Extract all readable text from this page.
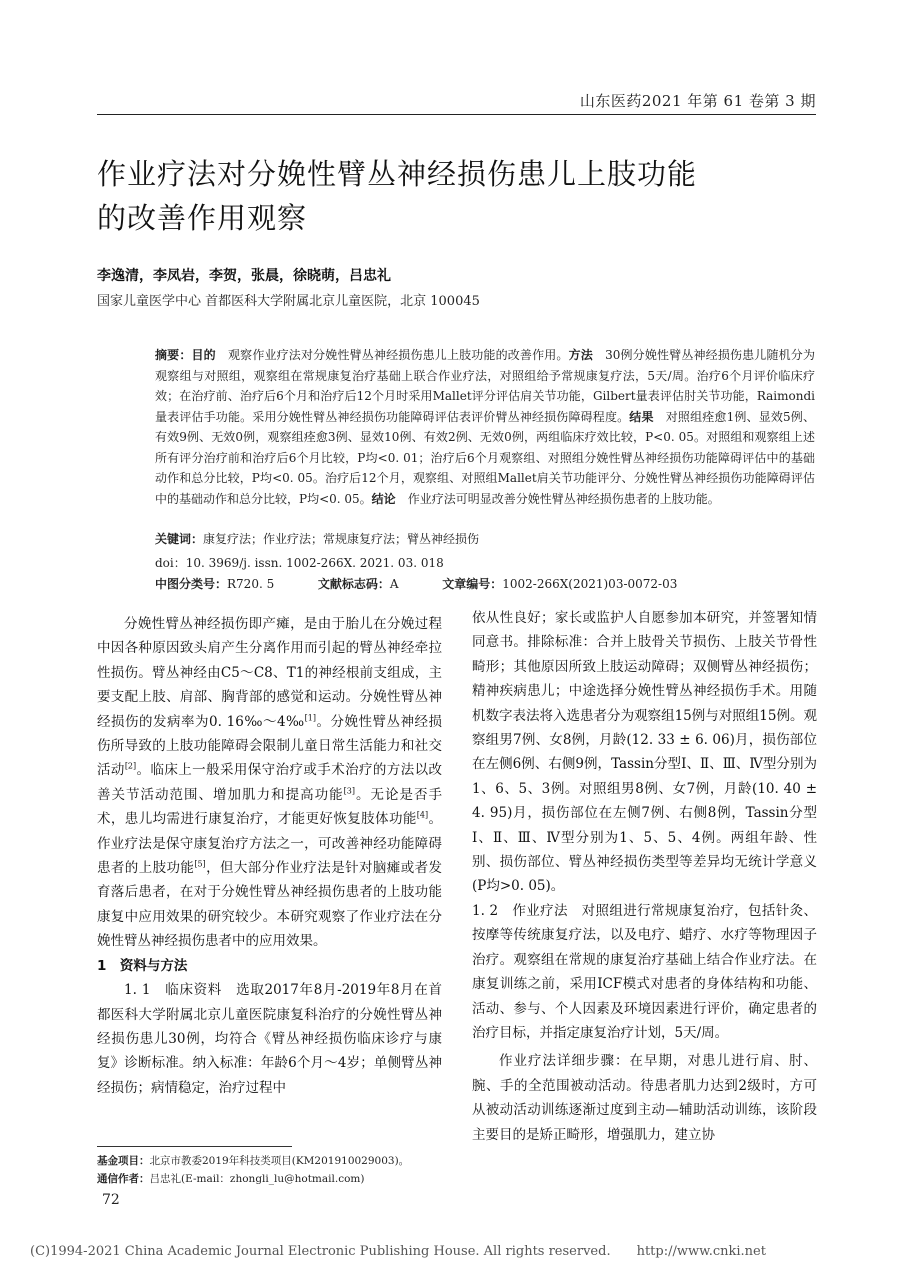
山东医药2021 年第 61 卷第 3 期
作业疗法对分娩性臂丛神经损伤患儿上肢功能
的改善作用观察
李逸清，李凤岩，李贺，张晨，徐晓萌，吕忠礼
国家儿童医学中心 首都医科大学附属北京儿童医院，北京 100045
摘要：目的　观察作业疗法对分娩性臂丛神经损伤患儿上肢功能的改善作用。方法　30例分娩性臂丛神经损伤患儿随机分为观察组与对照组，观察组在常规康复治疗基础上联合作业疗法，对照组给予常规康复疗法，5天/周。治疗6个月评价临床疗效；在治疗前、治疗后6个月和治疗后12个月时采用Mallet评分评估肩关节功能，Gilbert量表评估肘关节功能，Raimondi量表评估手功能。采用分娩性臂丛神经损伤功能障碍评估表评价臂丛神经损伤障碍程度。结果　对照组痊愈1例、显效5例、有效9例、无效0例，观察组痊愈3例、显效10例、有效2例、无效0例，两组临床疗效比较，P<0. 05。对照组和观察组上述所有评分治疗前和治疗后6个月比较，P均<0. 01；治疗后6个月观察组、对照组分娩性臂丛神经损伤功能障碍评估中的基础动作和总分比较，P均<0. 05。治疗后12个月，观察组、对照组Mallet肩关节功能评分、分娩性臂丛神经损伤功能障碍评估中的基础动作和总分比较，P均<0. 05。结论　作业疗法可明显改善分娩性臂丛神经损伤患者的上肢功能。
关键词：康复疗法；作业疗法；常规康复疗法；臂丛神经损伤
doi：10. 3969/j. issn. 1002-266X. 2021. 03. 018
中图分类号：R720. 5	文献标志码：A	文章编号：1002-266X(2021)03-0072-03

分娩性臂丛神经损伤即产瘫，是由于胎儿在分娩过程中因各种原因致头肩产生分离作用而引起的臂丛神经牵拉性损伤。臂丛神经由C5～C8、T1的神经根前支组成，主要支配上肢、肩部、胸背部的感觉和运动。分娩性臂丛神经损伤的发病率为0. 16‰～4‰[1]。分娩性臂丛神经损伤所导致的上肢功能障碍会限制儿童日常生活能力和社交活动[2]。临床上一般采用保守治疗或手术治疗的方法以改善关节活动范围、增加肌力和提高功能[3]。无论是否手术，患儿均需进行康复治疗，才能更好恢复肢体功能[4]。作业疗法是保守康复治疗方法之一，可改善神经功能障碍患者的上肢功能[5]，但大部分作业疗法是针对脑瘫或者发育落后患者，在对于分娩性臂丛神经损伤患者的上肢功能康复中应用效果的研究较少。本研究观察了作业疗法在分娩性臂丛神经损伤患者中的应用效果。

1　资料与方法

1. 1　临床资料　选取2017年8月-2019年8月在首都医科大学附属北京儿童医院康复科治疗的分娩性臂丛神经损伤患儿30例，均符合《臂丛神经损伤临床诊疗与康复》诊断标准。纳入标准：年龄6个月～4岁；单侧臂丛神经损伤；病情稳定，治疗过程中

依从性良好；家长或监护人自愿参加本研究，并签署知情同意书。排除标准：合并上肢骨关节损伤、上肢关节骨性畸形；其他原因所致上肢运动障碍；双侧臂丛神经损伤；精神疾病患儿；中途选择分娩性臂丛神经损伤手术。用随机数字表法将入选患者分为观察组15例与对照组15例。观察组男7例、女8例，月龄(12. 33 ± 6. 06)月，损伤部位在左侧6例、右侧9例，Tassin分型Ⅰ、Ⅱ、Ⅲ、Ⅳ型分别为1、6、5、3例。对照组男8例、女7例，月龄(10. 40 ± 4. 95)月，损伤部位在左侧7例、右侧8例，Tassin分型Ⅰ、Ⅱ、Ⅲ、Ⅳ型分别为1、5、5、4例。两组年龄、性别、损伤部位、臂丛神经损伤类型等差异均无统计学意义(P均>0. 05)。

1. 2　作业疗法　对照组进行常规康复治疗，包括针灸、按摩等传统康复疗法，以及电疗、蜡疗、水疗等物理因子治疗。观察组在常规的康复治疗基础上结合作业疗法。在康复训练之前，采用ICF模式对患者的身体结构和功能、活动、参与、个人因素及环境因素进行评价，确定患者的治疗目标，并指定康复治疗计划，5天/周。

作业疗法详细步骤：在早期，对患儿进行肩、肘、腕、手的全范围被动活动。待患者肌力达到2级时，方可从被动活动训练逐渐过度到主动—辅助活动训练，该阶段主要目的是矫正畸形，增强肌力，建立协

基金项目：北京市教委2019年科技类项目(KM201910029003)。
通信作者：吕忠礼(E-mail：zhongli_lu@hotmail.com)
72
(C)1994-2021 China Academic Journal Electronic Publishing House. All rights reserved.　　http://www.cnki.net
